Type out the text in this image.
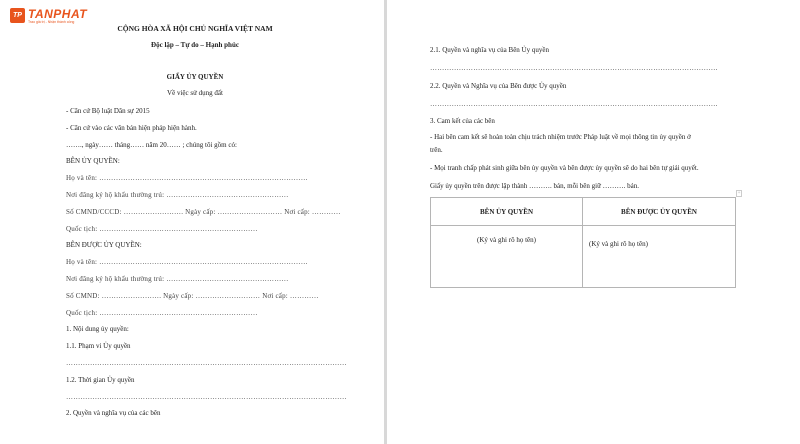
TP TANPHAT
Trao giá trị - Nhận thành công
CỘNG HÒA XÃ HỘI CHỦ NGHĨA VIỆT NAM
Độc lập – Tự do – Hạnh phúc
GIẤY ỦY QUYỀN
Về việc sử dụng đất
- Căn cứ Bộ luật Dân sự 2015
- Căn cứ vào các văn bản hiện pháp hiện hành.
……., ngày…… tháng…… năm 20…… ; chúng tôi gồm có:
BÊN ỦY QUYỀN:
Họ và tên: ……………………………………………………………………………
Nơi đăng ký hộ khẩu thường trú: ……………………………………………
Số CMND/CCCD: ……………………. Ngày cấp: ……………………… Nơi cấp: …………
Quốc tịch: …………………………………………………………
BÊN ĐƯỢC ỦY QUYỀN:
Họ và tên: ……………………………………………………………………………
Nơi đăng ký hộ khẩu thường trú: ……………………………………………
Số CMND: ……………………. Ngày cấp: ……………………… Nơi cấp: …………
Quốc tịch: …………………………………………………………
1. Nội dung ủy quyền:
1.1. Phạm vi Ủy quyền
………………………………………………………………………………………………………
1.2. Thời gian Ủy quyền
………………………………………………………………………………………………………
2. Quyền và nghĩa vụ của các bên
2.1. Quyền và nghĩa vụ của Bên Ủy quyền
…………………………………………………………………………………………………………
2.2. Quyền và Nghĩa vụ của Bên được Ủy quyền
…………………………………………………………………………………………………………
3. Cam kết của các bên
- Hai bên cam kết sẽ hoàn toàn chịu trách nhiệm trước Pháp luật về mọi thông tin ủy quyền ở
trên.
- Mọi tranh chấp phát sinh giữa bên ủy quyền và bên được ủy quyền sẽ do hai bên tự giải quyết.
Giấy ủy quyền trên được lập thành ………. bản, mỗi bên giữ ………. bản.
+
BÊN ỦY QUYỀN	BÊN ĐƯỢC ỦY QUYỀN
(Ký và ghi rõ họ tên)	(Ký và ghi rõ họ tên)
